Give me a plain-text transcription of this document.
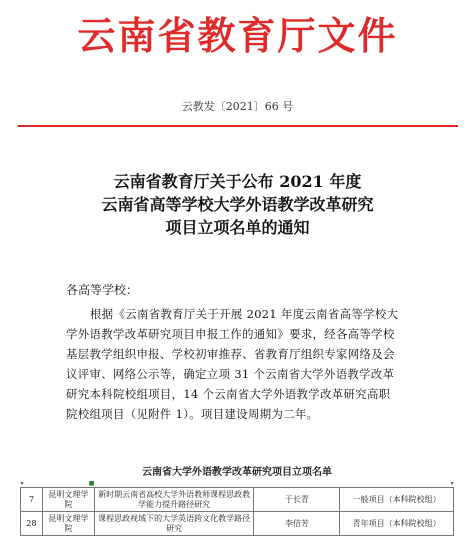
云南省教育厅文件
云教发〔2021〕66 号
云南省教育厅关于公布 2021 年度
云南省高等学校大学外语教学改革研究
项目立项名单的通知
各高等学校：
根据《云南省教育厅关于开展 2021 年度云南省高等学校大
学外语教学改革研究项目申报工作的通知》要求，经各高等学校
基层教学组织申报、学校初审推荐、省教育厅组织专家网络及会
议评审、网络公示等，确定立项 31 个云南省大学外语教学改革
研究本科院校组项目，14 个云南省大学外语教学改革研究高职
院校组项目（见附件 1）。项目建设周期为二年。
云南省大学外语教学改革研究项目立项名单				
▾	■			▾
7	昆明文理学院	新时期云南省高校大学外语教师课程思政教学能力提升路径研究	于长青	一般项目（本科院校组）
28	昆明文理学院	课程思政视域下的大学英语跨文化教学路径研究	李佶芳	青年项目（本科院校组）
